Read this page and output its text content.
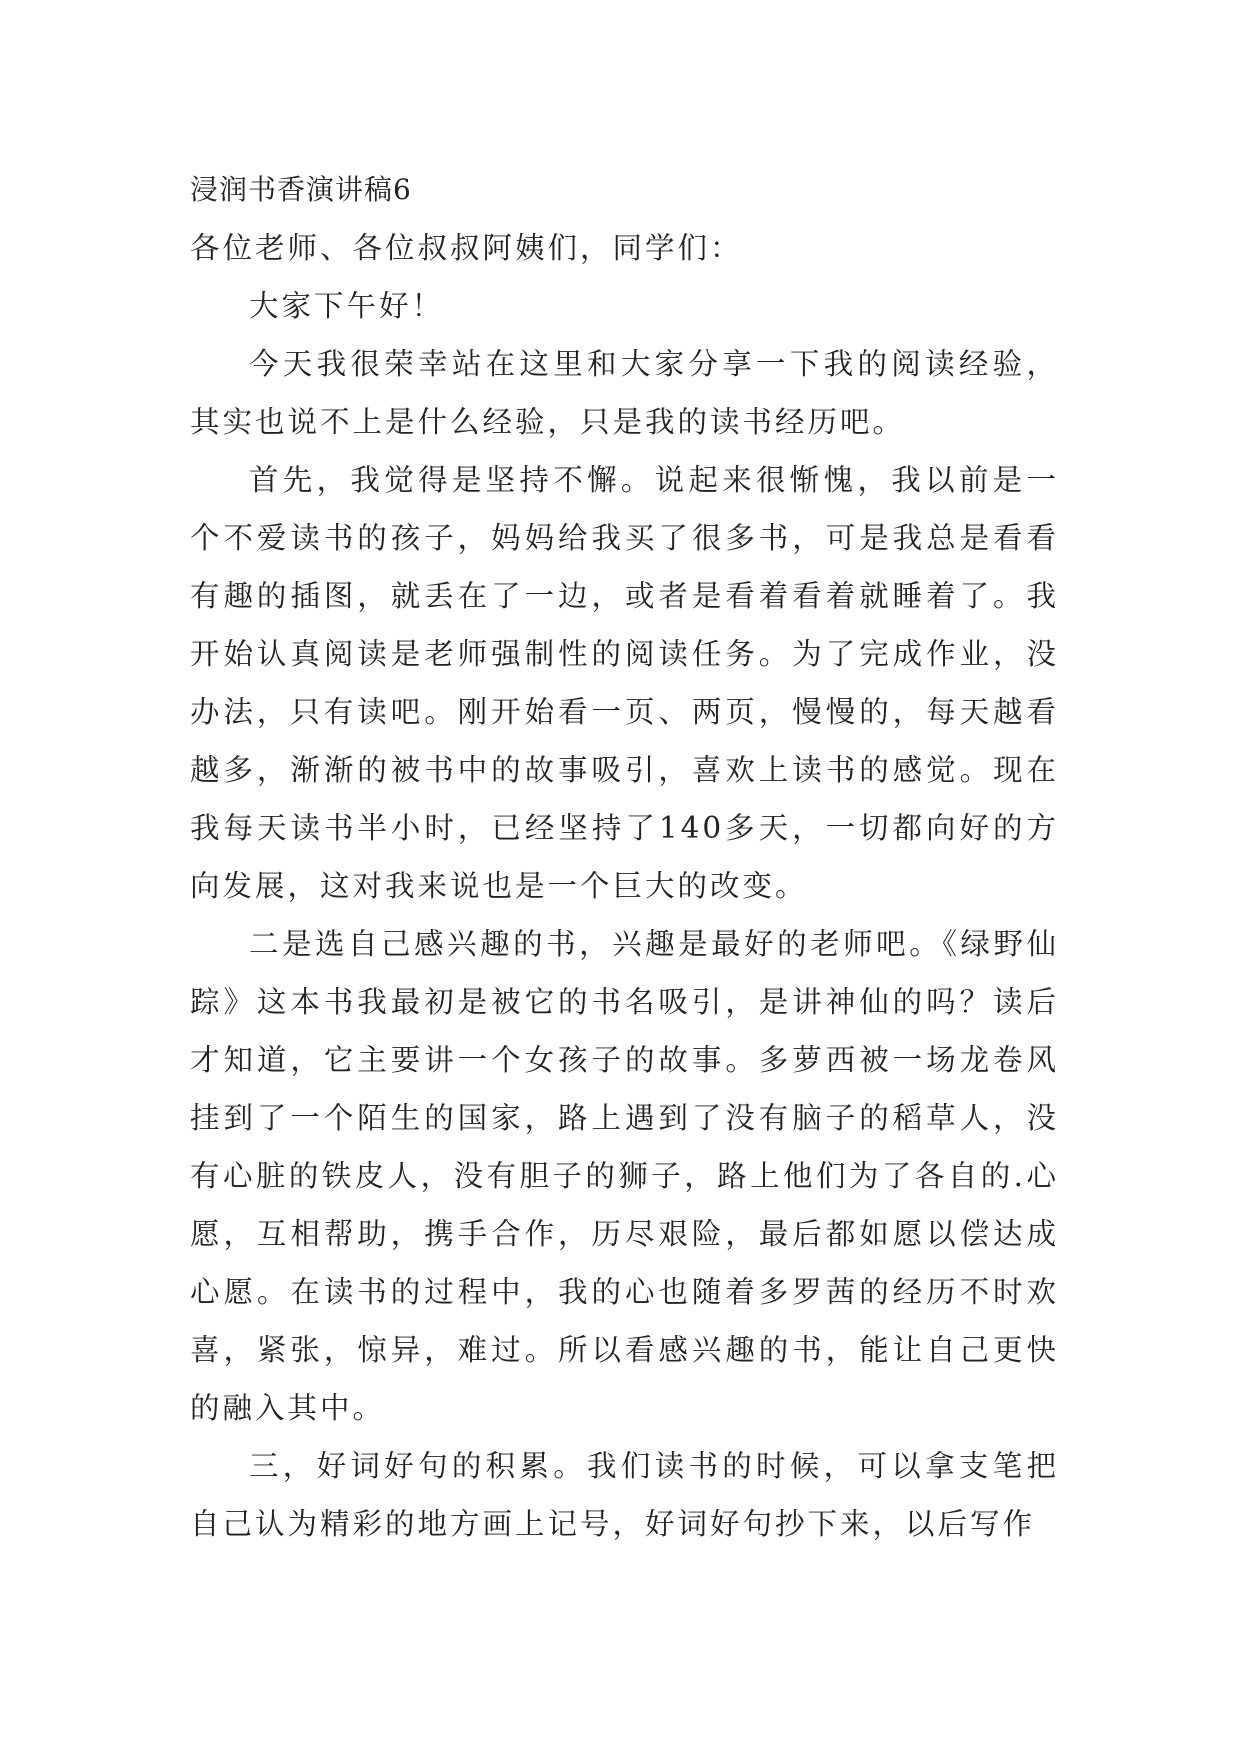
浸润书香演讲稿6
各位老师、各位叔叔阿姨们，同学们：

大家下午好！

今天我很荣幸站在这里和大家分享一下我的阅读经验，其实也说不上是什么经验，只是我的读书经历吧。

首先，我觉得是坚持不懈。说起来很惭愧，我以前是一个不爱读书的孩子，妈妈给我买了很多书，可是我总是看看有趣的插图，就丢在了一边，或者是看着看着就睡着了。我开始认真阅读是老师强制性的阅读任务。为了完成作业，没办法，只有读吧。刚开始看一页、两页，慢慢的，每天越看越多，渐渐的被书中的故事吸引，喜欢上读书的感觉。现在我每天读书半小时，已经坚持了140多天，一切都向好的方向发展，这对我来说也是一个巨大的改变。

二是选自己感兴趣的书，兴趣是最好的老师吧。《绿野仙踪》这本书我最初是被它的书名吸引，是讲神仙的吗？读后才知道，它主要讲一个女孩子的故事。多萝西被一场龙卷风挂到了一个陌生的国家，路上遇到了没有脑子的稻草人，没有心脏的铁皮人，没有胆子的狮子，路上他们为了各自的.心愿，互相帮助，携手合作，历尽艰险，最后都如愿以偿达成心愿。在读书的过程中，我的心也随着多罗茜的经历不时欢喜，紧张，惊异，难过。所以看感兴趣的书，能让自己更快的融入其中。

三，好词好句的积累。我们读书的时候，可以拿支笔把自己认为精彩的地方画上记号，好词好句抄下来，以后写作
